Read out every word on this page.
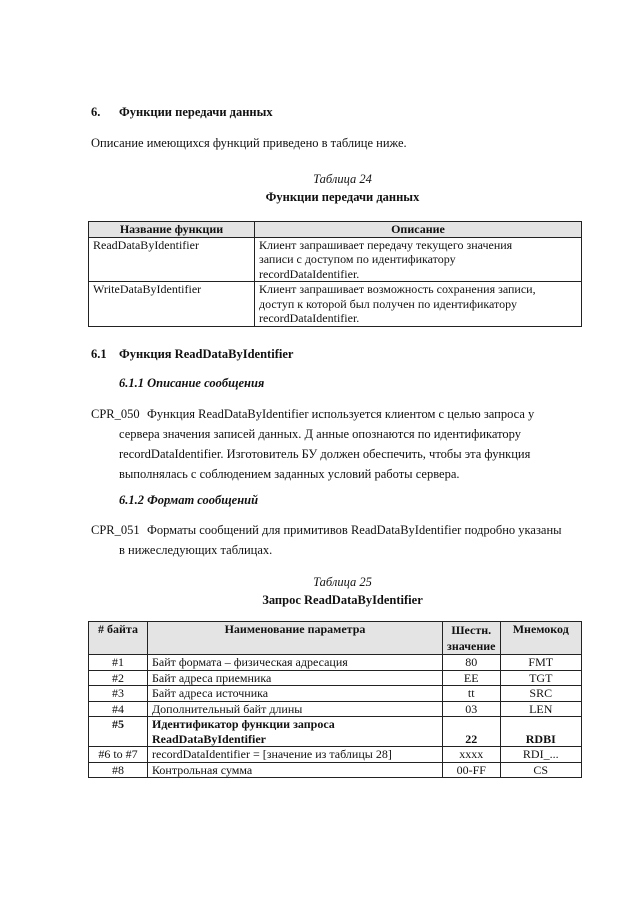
6. Функции передачи данных
Описание имеющихся функций приведено в таблице ниже.
Таблица 24
Функции передачи данных
Название функции	Описание
ReadDataByIdentifier	Клиент запрашивает передачу текущего значения
записи с доступом по идентификатору
recordDataIdentifier.

WriteDataByIdentifier	Клиент запрашивает возможность сохранения записи,
доступ к которой был получен по идентификатору
recordDataIdentifier.
6.1 Функция ReadDataByIdentifier
6.1.1 Описание сообщения
CPR_050 Функция ReadDataByIdentifier используется клиентом с целью запроса у
сервера значения записей данных. Д анные опознаются по идентификатору
recordDataIdentifier. Изготовитель БУ должен обеспечить, чтобы эта функция
выполнялась с соблюдением заданных условий работы сервера.
6.1.2 Формат сообщений
CPR_051 Форматы сообщений для примитивов ReadDataByIdentifier подробно указаны
в нижеследующих таблицах.
Таблица 25
Запрос ReadDataByIdentifier
# байта	Наименование параметра	Шестн. значение	Мнемокод
#1	Байт формата – физическая адресация	80	FMT
#2	Байт адреса приемника	EE	TGT
#3	Байт адреса источника	tt	SRC
#4	Дополнительный байт длины	03	LEN
#5	Идентификатор функции запроса
ReadDataByIdentifier	22	RDBI
#6 to #7	recordDataIdentifier = [значение из таблицы 28]	xxxx	RDI_...
#8	Контрольная сумма	00-FF	CS
